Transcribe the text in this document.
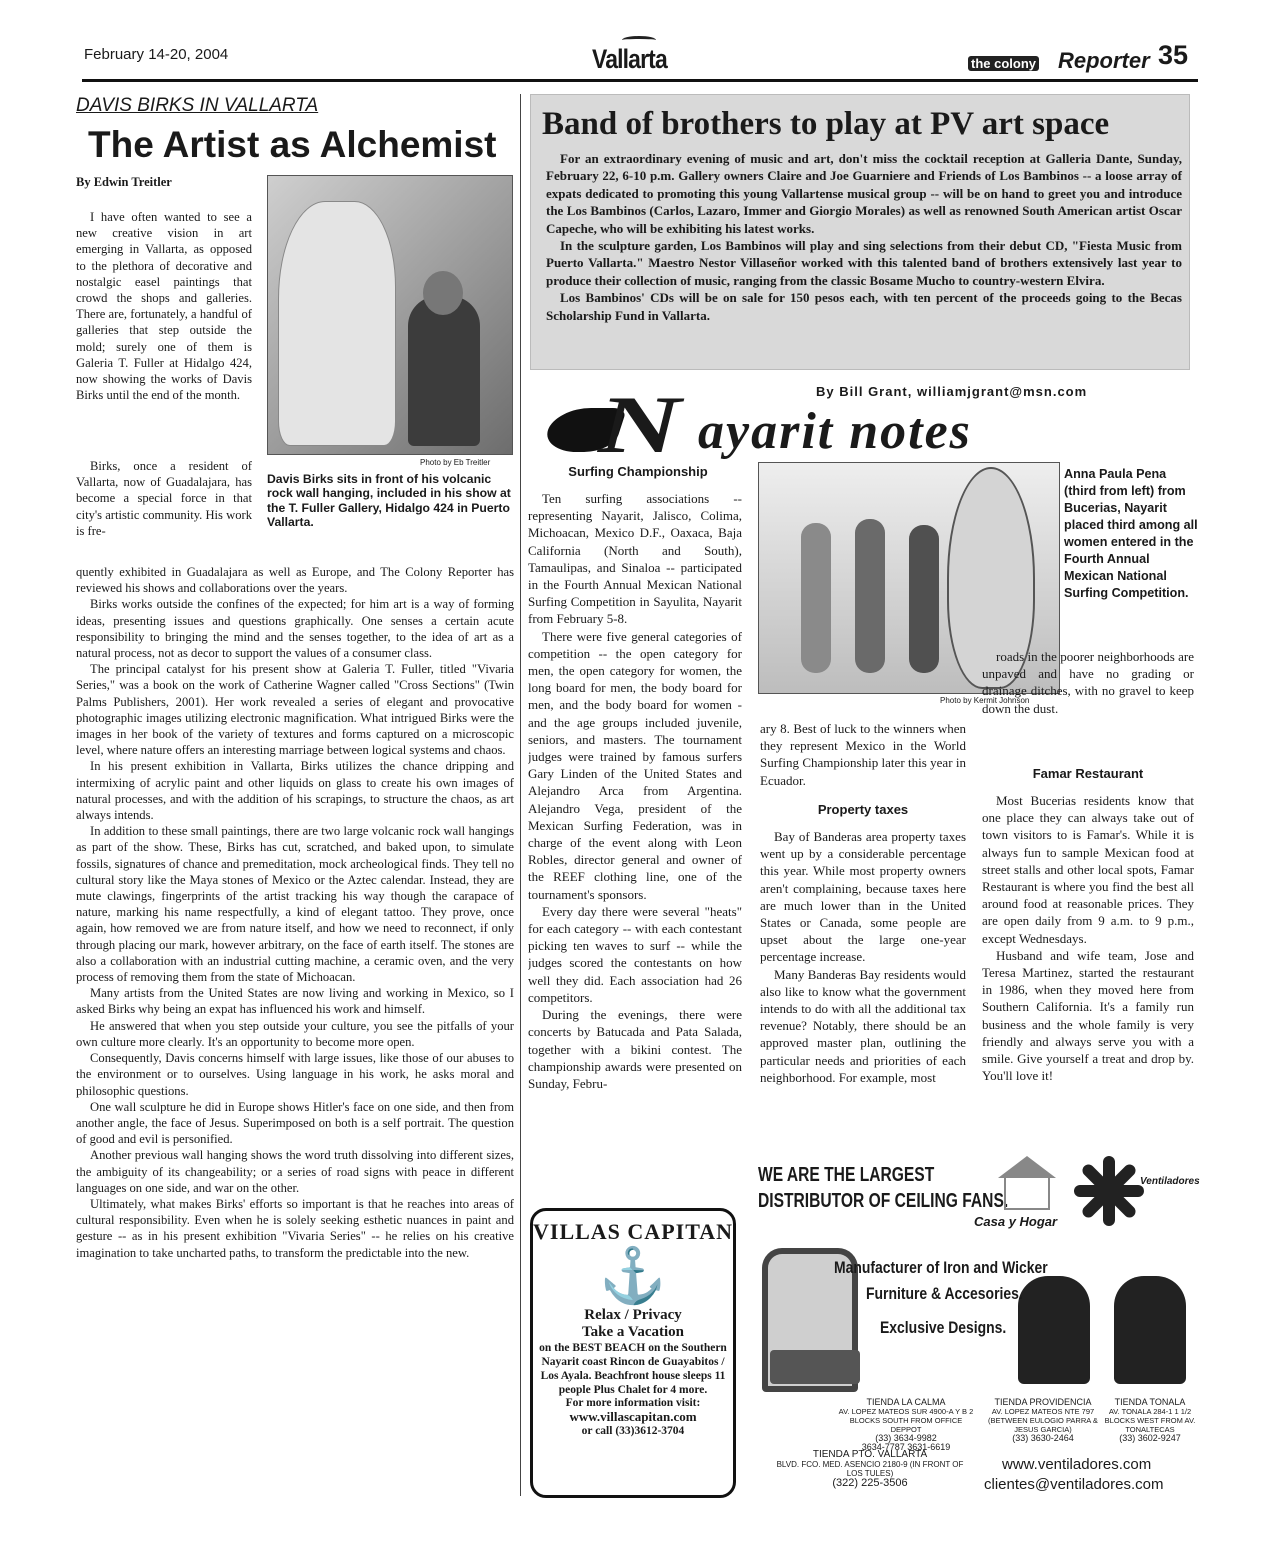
February 14-20, 2004	Vallarta	the colony Reporter 35
DAVIS BIRKS IN VALLARTA
The Artist as Alchemist
By Edwin Treitler
Photo by Eb Treitler
Davis Birks sits in front of his volcanic rock wall hanging, included in his show at the T. Fuller Gallery, Hidalgo 424 in Puerto Vallarta.

I have often wanted to see a new creative vision in art emerging in Vallarta, as opposed to the plethora of decorative and nostalgic easel paintings that crowd the shops and galleries. There are, fortunately, a handful of galleries that step outside the mold; surely one of them is Galeria T. Fuller at Hidalgo 424, now showing the works of Davis Birks until the end of the month.

Birks, once a resident of Vallarta, now of Guadalajara, has become a special force in that city's artistic community. His work is fre-

quently exhibited in Guadalajara as well as Europe, and The Colony Reporter has reviewed his shows and collaborations over the years.

Birks works outside the confines of the expected; for him art is a way of forming ideas, presenting issues and questions graphically. One senses a certain acute responsibility to bringing the mind and the senses together, to the idea of art as a natural process, not as decor to support the values of a consumer class.

The principal catalyst for his present show at Galeria T. Fuller, titled "Vivaria Series," was a book on the work of Catherine Wagner called "Cross Sections" (Twin Palms Publishers, 2001). Her work revealed a series of elegant and provocative photographic images utilizing electronic magnification. What intrigued Birks were the images in her book of the variety of textures and forms captured on a microscopic level, where nature offers an interesting marriage between logical systems and chaos.

In his present exhibition in Vallarta, Birks utilizes the chance dripping and intermixing of acrylic paint and other liquids on glass to create his own images of natural processes, and with the addition of his scrapings, to structure the chaos, as art always intends.

In addition to these small paintings, there are two large volcanic rock wall hangings as part of the show. These, Birks has cut, scratched, and baked upon, to simulate fossils, signatures of chance and premeditation, mock archeological finds. They tell no cultural story like the Maya stones of Mexico or the Aztec calendar. Instead, they are mute clawings, fingerprints of the artist tracking his way though the carapace of nature, marking his name respectfully, a kind of elegant tattoo. They prove, once again, how removed we are from nature itself, and how we need to reconnect, if only through placing our mark, however arbitrary, on the face of earth itself. The stones are also a collaboration with an industrial cutting machine, a ceramic oven, and the very process of removing them from the state of Michoacan.

Many artists from the United States are now living and working in Mexico, so I asked Birks why being an expat has influenced his work and himself.

He answered that when you step outside your culture, you see the pitfalls of your own culture more clearly. It's an opportunity to become more open.

Consequently, Davis concerns himself with large issues, like those of our abuses to the environment or to ourselves. Using language in his work, he asks moral and philosophic questions.

One wall sculpture he did in Europe shows Hitler's face on one side, and then from another angle, the face of Jesus. Superimposed on both is a self portrait. The question of good and evil is personified.

Another previous wall hanging shows the word truth dissolving into different sizes, the ambiguity of its changeability; or a series of road signs with peace in different languages on one side, and war on the other.

Ultimately, what makes Birks' efforts so important is that he reaches into areas of cultural responsibility. Even when he is solely seeking esthetic nuances in paint and gesture -- as in his present exhibition "Vivaria Series" -- he relies on his creative imagination to take uncharted paths, to transform the predictable into the new.

Band of brothers to play at PV art space

For an extraordinary evening of music and art, don't miss the cocktail reception at Galleria Dante, Sunday, February 22, 6-10 p.m. Gallery owners Claire and Joe Guarniere and Friends of Los Bambinos -- a loose array of expats dedicated to promoting this young Vallartense musical group -- will be on hand to greet you and introduce the Los Bambinos (Carlos, Lazaro, Immer and Giorgio Morales) as well as renowned South American artist Oscar Capeche, who will be exhibiting his latest works.

In the sculpture garden, Los Bambinos will play and sing selections from their debut CD, "Fiesta Music from Puerto Vallarta." Maestro Nestor Villaseñor worked with this talented band of brothers extensively last year to produce their collection of music, ranging from the classic Bosame Mucho to country-western Elvira.

Los Bambinos' CDs will be on sale for 150 pesos each, with ten percent of the proceeds going to the Becas Scholarship Fund in Vallarta.

By Bill Grant, williamjgrant@msn.com
N ayarit notes
Surfing Championship

Ten surfing associations -- representing Nayarit, Jalisco, Colima, Michoacan, Mexico D.F., Oaxaca, Baja California (North and South), Tamaulipas, and Sinaloa -- participated in the Fourth Annual Mexican National Surfing Competition in Sayulita, Nayarit from February 5-8.

There were five general categories of competition -- the open category for men, the open category for women, the long board for men, the body board for men, and the body board for women - and the age groups included juvenile, seniors, and masters. The tournament judges were trained by famous surfers Gary Linden of the United States and Alejandro Arca from Argentina. Alejandro Vega, president of the Mexican Surfing Federation, was in charge of the event along with Leon Robles, director general and owner of the REEF clothing line, one of the tournament's sponsors.

Every day there were several "heats" for each category -- with each contestant picking ten waves to surf -- while the judges scored the contestants on how well they did. Each association had 26 competitors.

During the evenings, there were concerts by Batucada and Pata Salada, together with a bikini contest. The championship awards were presented on Sunday, Febru-

Photo by Kermit Johnson
Anna Paula Pena (third from left) from Bucerias, Nayarit placed third among all women entered in the Fourth Annual Mexican National Surfing Competition.

ary 8. Best of luck to the winners when they represent Mexico in the World Surfing Championship later this year in Ecuador.

Property taxes

Bay of Banderas area property taxes went up by a considerable percentage this year. While most property owners aren't complaining, because taxes here are much lower than in the United States or Canada, some people are upset about the large one-year percentage increase.

Many Banderas Bay residents would also like to know what the government intends to do with all the additional tax revenue? Notably, there should be an approved master plan, outlining the particular needs and priorities of each neighborhood. For example, most

roads in the poorer neighborhoods are unpaved and have no grading or drainage ditches, with no gravel to keep down the dust.

Famar Restaurant

Most Bucerias residents know that one place they can always take out of town visitors to is Famar's. While it is always fun to sample Mexican food at street stalls and other local spots, Famar Restaurant is where you find the best all around food at reasonable prices. They are open daily from 9 a.m. to 9 p.m., except Wednesdays.

Husband and wife team, Jose and Teresa Martinez, started the restaurant in 1986, when they moved here from Southern California. It's a family run business and the whole family is very friendly and always serve you with a smile. Give yourself a treat and drop by. You'll love it!

VILLAS CAPITAN
⚓
Relax / Privacy
Take a Vacation
on the BEST BEACH on the Southern Nayarit coast Rincon de Guayabitos / Los Ayala. Beachfront house sleeps 11 people Plus Chalet for 4 more.
For more information visit:
www.villascapitan.com
or call (33)3612-3704
WE ARE THE LARGEST
DISTRIBUTOR OF CEILING FANS.
Casa y Hogar
Ventiladores
Manufacturer of Iron and Wicker
Furniture & Accesories.
Exclusive Designs.
TIENDA LA CALMA
AV. LOPEZ MATEOS SUR 4900-A Y B 2 BLOCKS SOUTH FROM OFFICE DEPPOT
(33) 3634-9982
3634-7787 3631-6619
TIENDA PROVIDENCIA
AV. LOPEZ MATEOS NTE 797 (BETWEEN EULOGIO PARRA & JESUS GARCIA)
(33) 3630-2464
TIENDA TONALA
AV. TONALA 284-1 1 1/2 BLOCKS WEST FROM AV. TONALTECAS
(33) 3602-9247
TIENDA PTO. VALLARTA
BLVD. FCO. MED. ASENCIO 2180-9 (IN FRONT OF LOS TULES)
(322) 225-3506
www.ventiladores.com
clientes@ventiladores.com
